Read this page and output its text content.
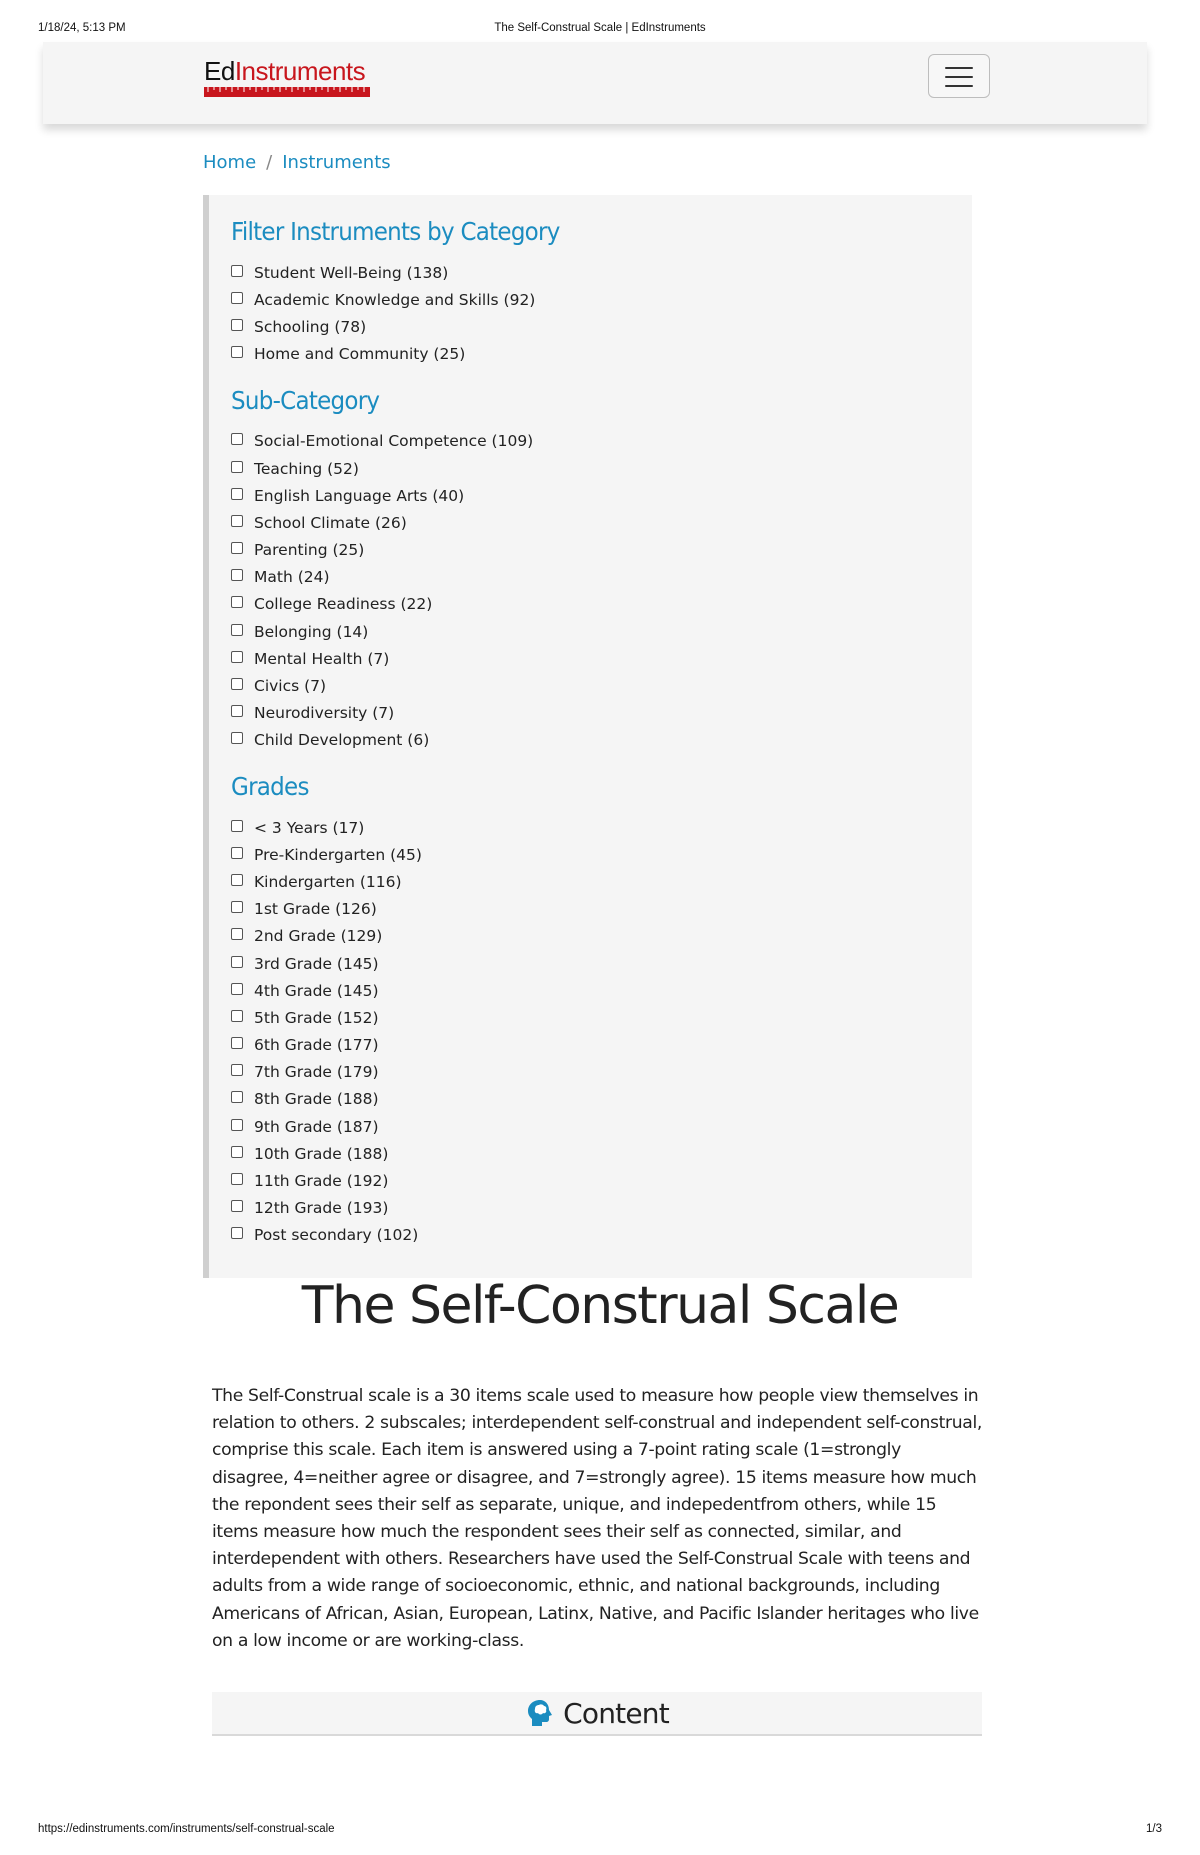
1/18/24, 5:13 PM	The Self-Construal Scale | EdInstruments
EdInstruments
Home / Instruments
Filter Instruments by Category
Student Well-Being (138)
Academic Knowledge and Skills (92)
Schooling (78)
Home and Community (25)
Sub-Category
Social-Emotional Competence (109)
Teaching (52)
English Language Arts (40)
School Climate (26)
Parenting (25)
Math (24)
College Readiness (22)
Belonging (14)
Mental Health (7)
Civics (7)
Neurodiversity (7)
Child Development (6)
Grades
< 3 Years (17)
Pre-Kindergarten (45)
Kindergarten (116)
1st Grade (126)
2nd Grade (129)
3rd Grade (145)
4th Grade (145)
5th Grade (152)
6th Grade (177)
7th Grade (179)
8th Grade (188)
9th Grade (187)
10th Grade (188)
11th Grade (192)
12th Grade (193)
Post secondary (102)
The Self-Construal Scale

The Self-Construal scale is a 30 items scale used to measure how people view themselves in relation to others. 2 subscales; interdependent self-construal and independent self-construal, comprise this scale. Each item is answered using a 7-point rating scale (1=strongly disagree, 4=neither agree or disagree, and 7=strongly agree). 15 items measure how much the repondent sees their self as separate, unique, and indepedentfrom others, while 15 items measure how much the respondent sees their self as connected, similar, and interdependent with others. Researchers have used the Self-Construal Scale with teens and adults from a wide range of socioeconomic, ethnic, and national backgrounds, including Americans of African, Asian, European, Latinx, Native, and Pacific Islander heritages who live on a low income or are working-class.

Content
https://edinstruments.com/instruments/self-construal-scale	1/3
